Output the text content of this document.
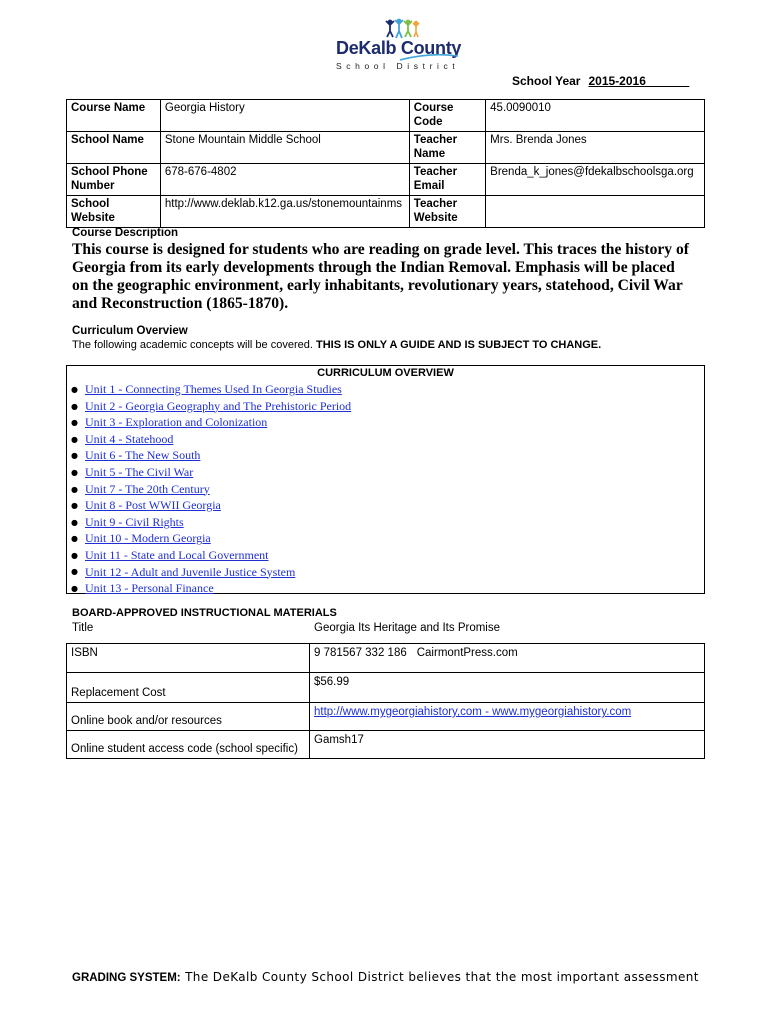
DeKalb County
School District
School Year 2015-2016 ______
Course Name	Georgia History	Course Code	45.0090010
School Name	Stone Mountain Middle School	Teacher Name	Mrs. Brenda Jones
School Phone Number	678-676-4802	Teacher Email	Brenda_k_jones@fdekalbschoolsga.org
School Website	http://www.deklab.k12.ga.us/stonemountainms	Teacher Website	
Course Description
This course is designed for students who are reading on grade level. This traces the history of Georgia from its early developments through the Indian Removal. Emphasis will be placed on the geographic environment, early inhabitants, revolutionary years, statehood, Civil War and Reconstruction (1865-1870).
Curriculum Overview
The following academic concepts will be covered. THIS IS ONLY A GUIDE AND IS SUBJECT TO CHANGE.
CURRICULUM OVERVIEW
● Unit 1 - Connecting Themes Used In Georgia Studies
● Unit 2 - Georgia Geography and The Prehistoric Period
● Unit 3 - Exploration and Colonization
● Unit 4 - Statehood
● Unit 6 - The New South
● Unit 5 - The Civil War
● Unit 7 - The 20th Century
● Unit 8 - Post WWII Georgia
● Unit 9 - Civil Rights
● Unit 10 - Modern Georgia
● Unit 11 - State and Local Government
● Unit 12 - Adult and Juvenile Justice System
● Unit 13 - Personal Finance
BOARD-APPROVED INSTRUCTIONAL MATERIALS
Title	Georgia Its Heritage and Its Promise
ISBN	9 781567 332 186 CairmontPress.com
Replacement Cost	$56.99
Online book and/or resources	http://www.mygeorgiahistory,com - www.mygeorgiahistory.com
Online student access code (school specific)	Gamsh17
GRADING SYSTEM: The DeKalb County School District believes that the most important assessment
